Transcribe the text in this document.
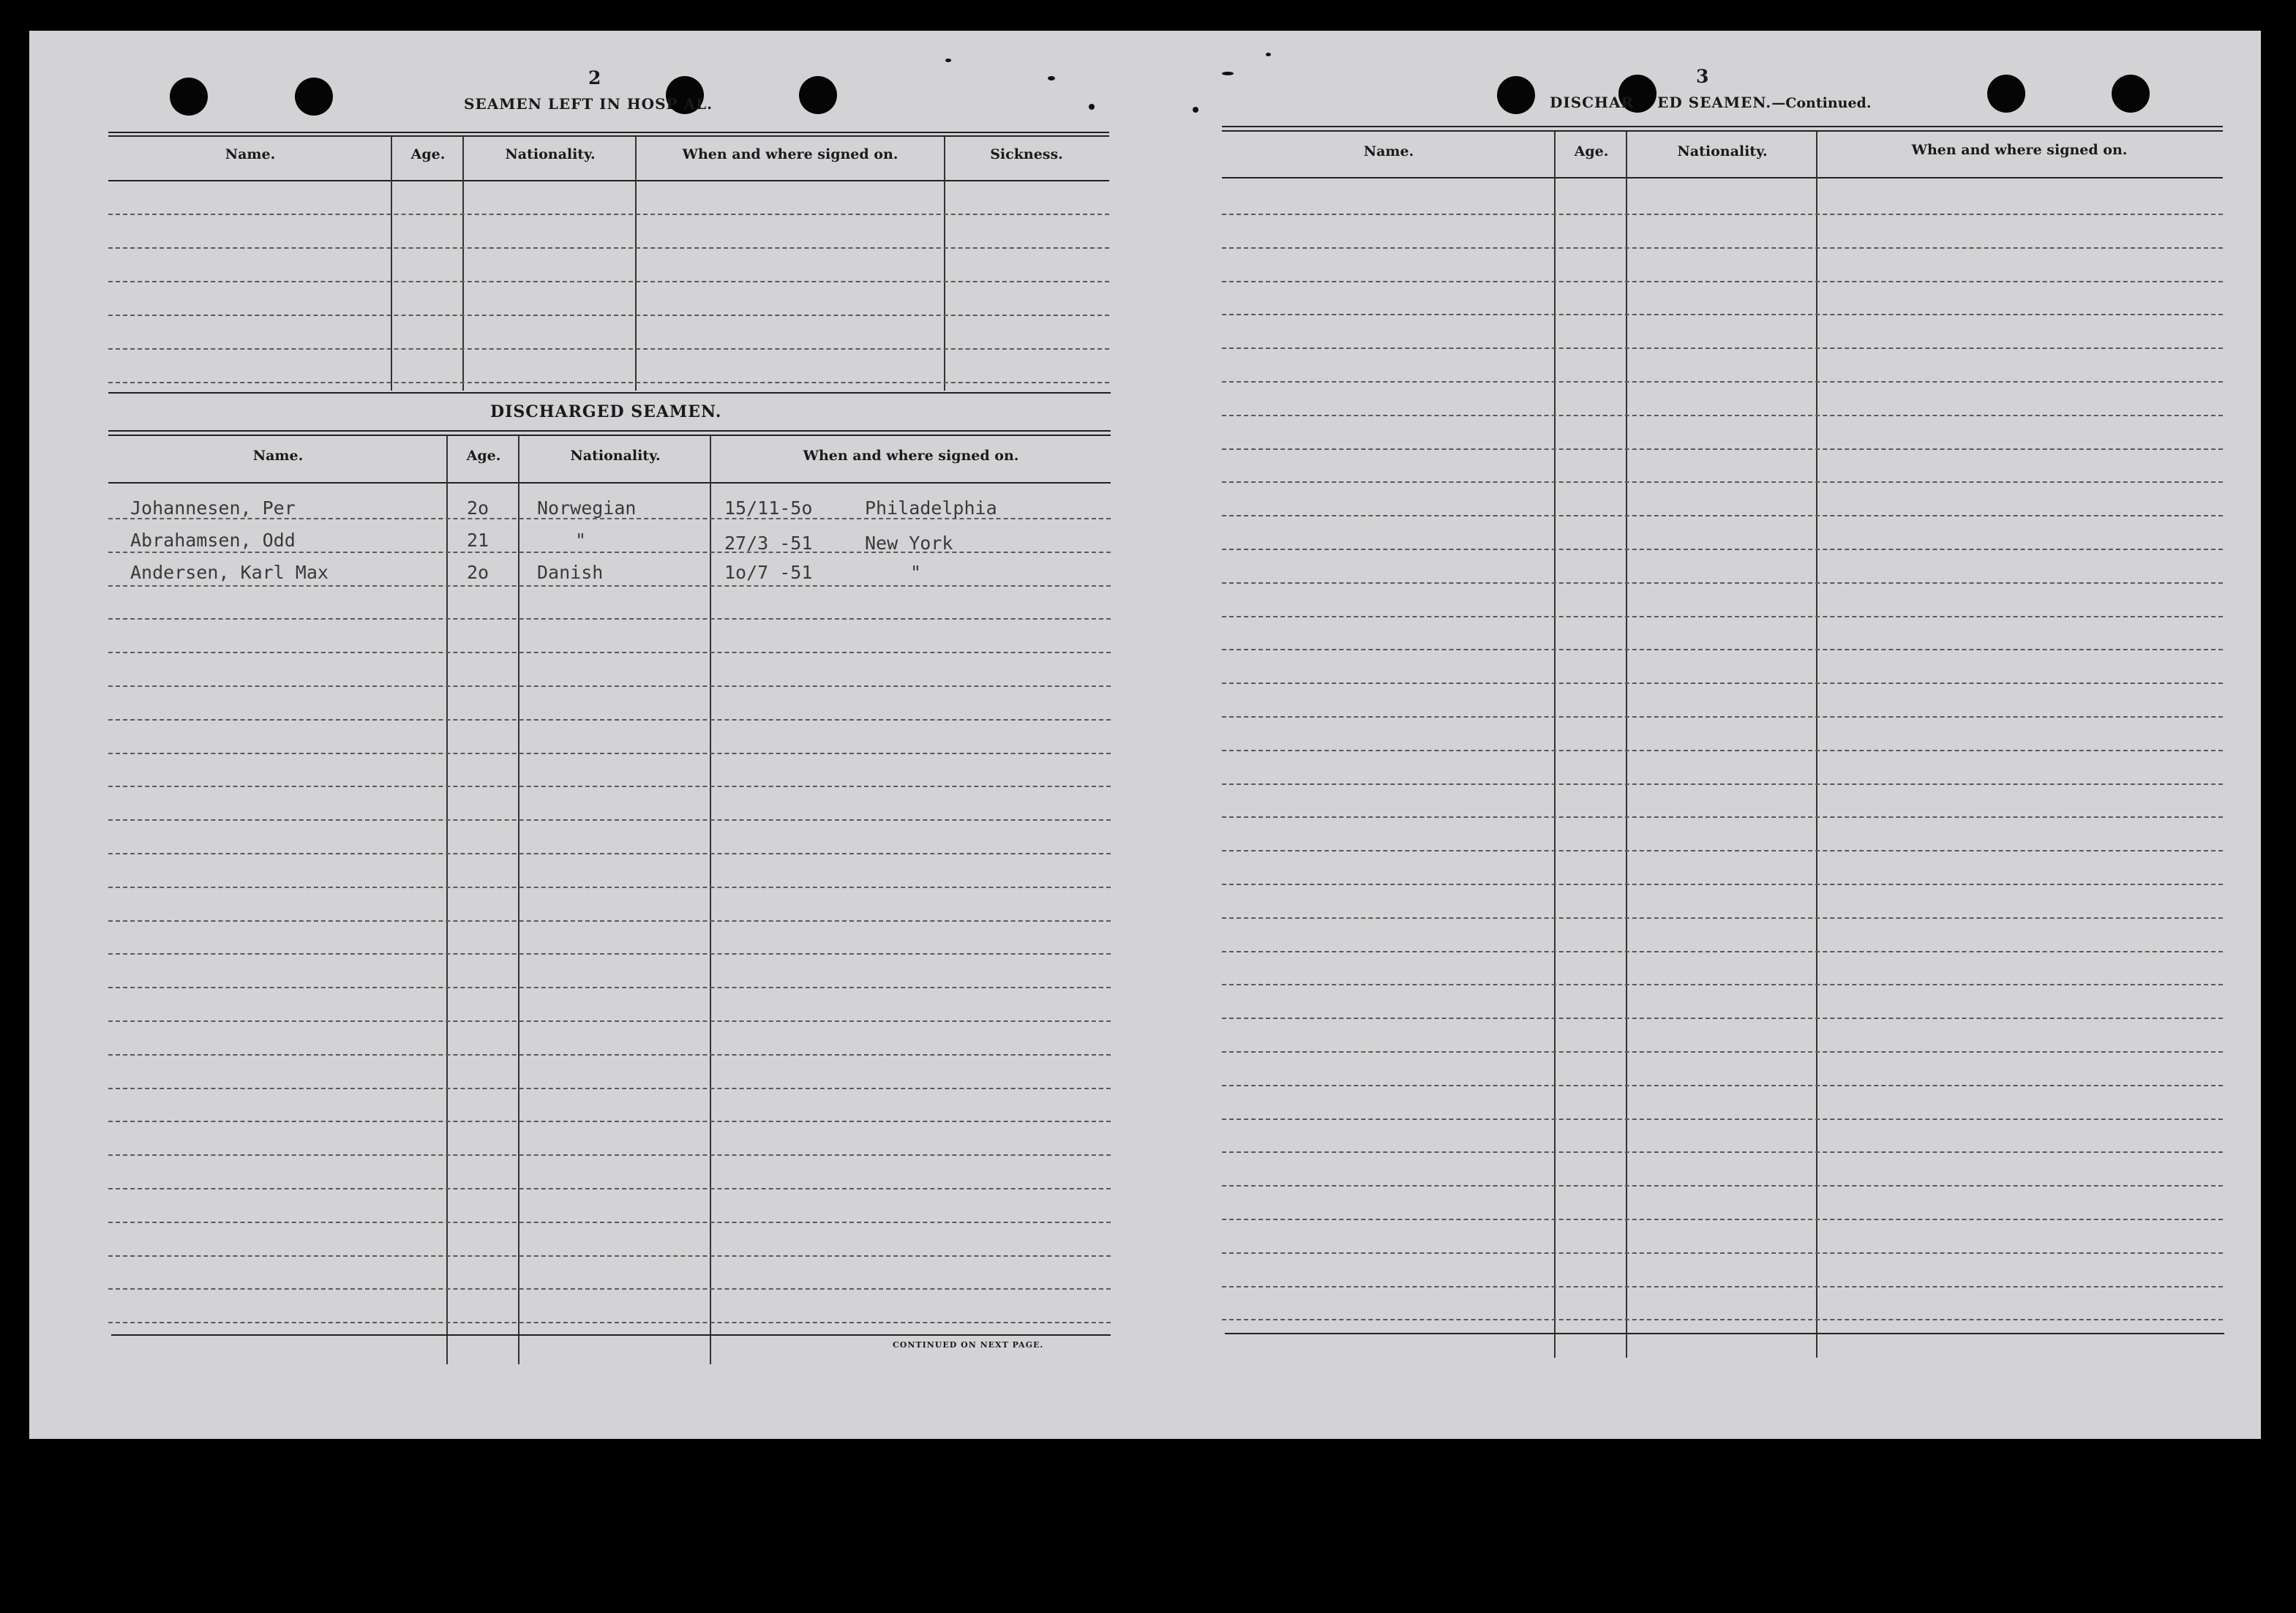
2
SEAMEN LEFT IN HOSP AL.
Name.	Age.	Nationality.	When and where signed on.	Sickness.
DISCHARGED SEAMEN.
Name.	Age.	Nationality.	When and where signed on.
Johannesen, Per	2o	Norwegian	15/11-5o	Philadelphia
Abrahamsen, Odd	21	"	27/3 -51	New York
Andersen, Karl Max	2o	Danish	1o/7 -51	"
CONTINUED ON NEXT PAGE.
3
DISCHAR ED SEAMEN.—Continued.
Name.	Age.	Nationality.	When and where signed on.
